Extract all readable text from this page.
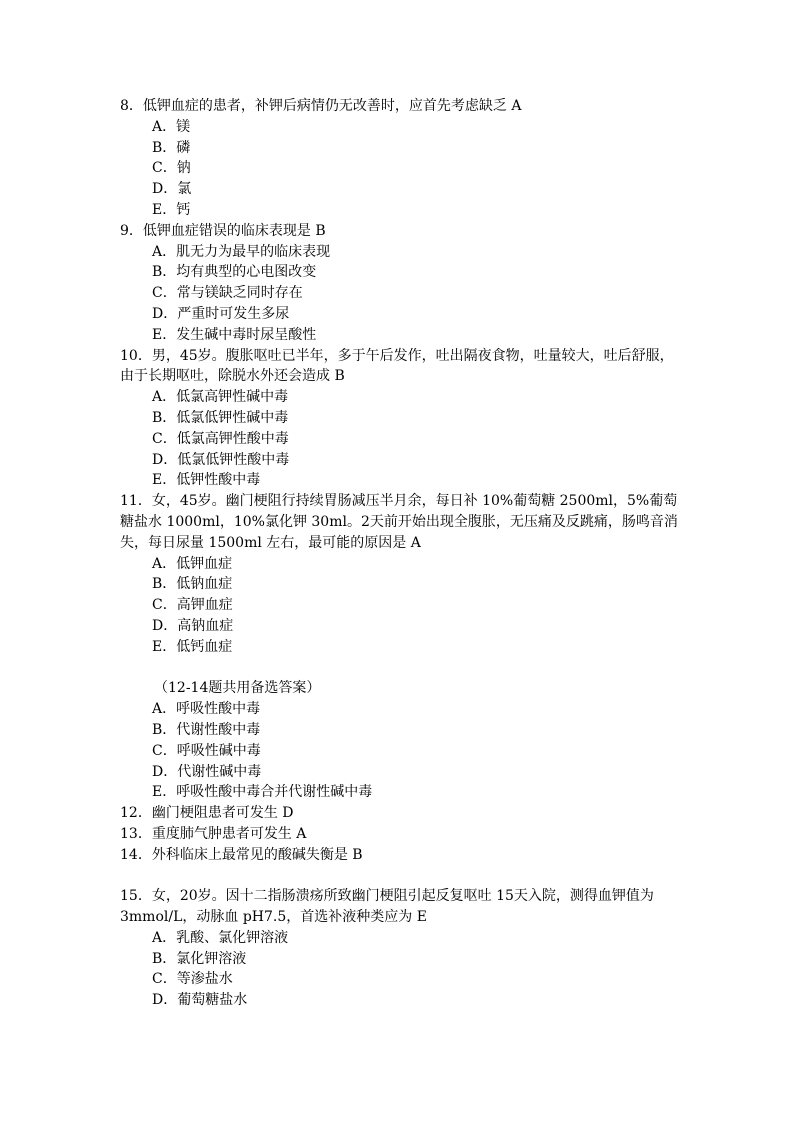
8．低钾血症的患者，补钾后病情仍无改善时，应首先考虑缺乏 A

A．镁

B．磷

C．钠

D．氯

E．钙

9．低钾血症错误的临床表现是 B

A．肌无力为最早的临床表现

B．均有典型的心电图改变

C．常与镁缺乏同时存在

D．严重时可发生多尿

E．发生碱中毒时尿呈酸性

10．男，45岁。腹胀呕吐已半年，多于午后发作，吐出隔夜食物，吐量较大，吐后舒服，由于长期呕吐，除脱水外还会造成 B

A．低氯高钾性碱中毒

B．低氯低钾性碱中毒

C．低氯高钾性酸中毒

D．低氯低钾性酸中毒

E．低钾性酸中毒

11．女，45岁。幽门梗阻行持续胃肠减压半月余，每日补 10%葡萄糖 2500ml，5%葡萄糖盐水 1000ml，10%氯化钾 30ml。2天前开始出现全腹胀，无压痛及反跳痛，肠鸣音消失，每日尿量 1500ml 左右，最可能的原因是 A

A．低钾血症

B．低钠血症

C．高钾血症

D．高钠血症

E．低钙血症

（12-14题共用备选答案）

A．呼吸性酸中毒

B．代谢性酸中毒

C．呼吸性碱中毒

D．代谢性碱中毒

E．呼吸性酸中毒合并代谢性碱中毒

12．幽门梗阻患者可发生 D

13．重度肺气肿患者可发生 A

14．外科临床上最常见的酸碱失衡是 B

15．女，20岁。因十二指肠溃疡所致幽门梗阻引起反复呕吐 15天入院，测得血钾值为 3mmol/L，动脉血 pH7.5，首选补液种类应为 E

A．乳酸、氯化钾溶液

B．氯化钾溶液

C．等渗盐水

D．葡萄糖盐水
